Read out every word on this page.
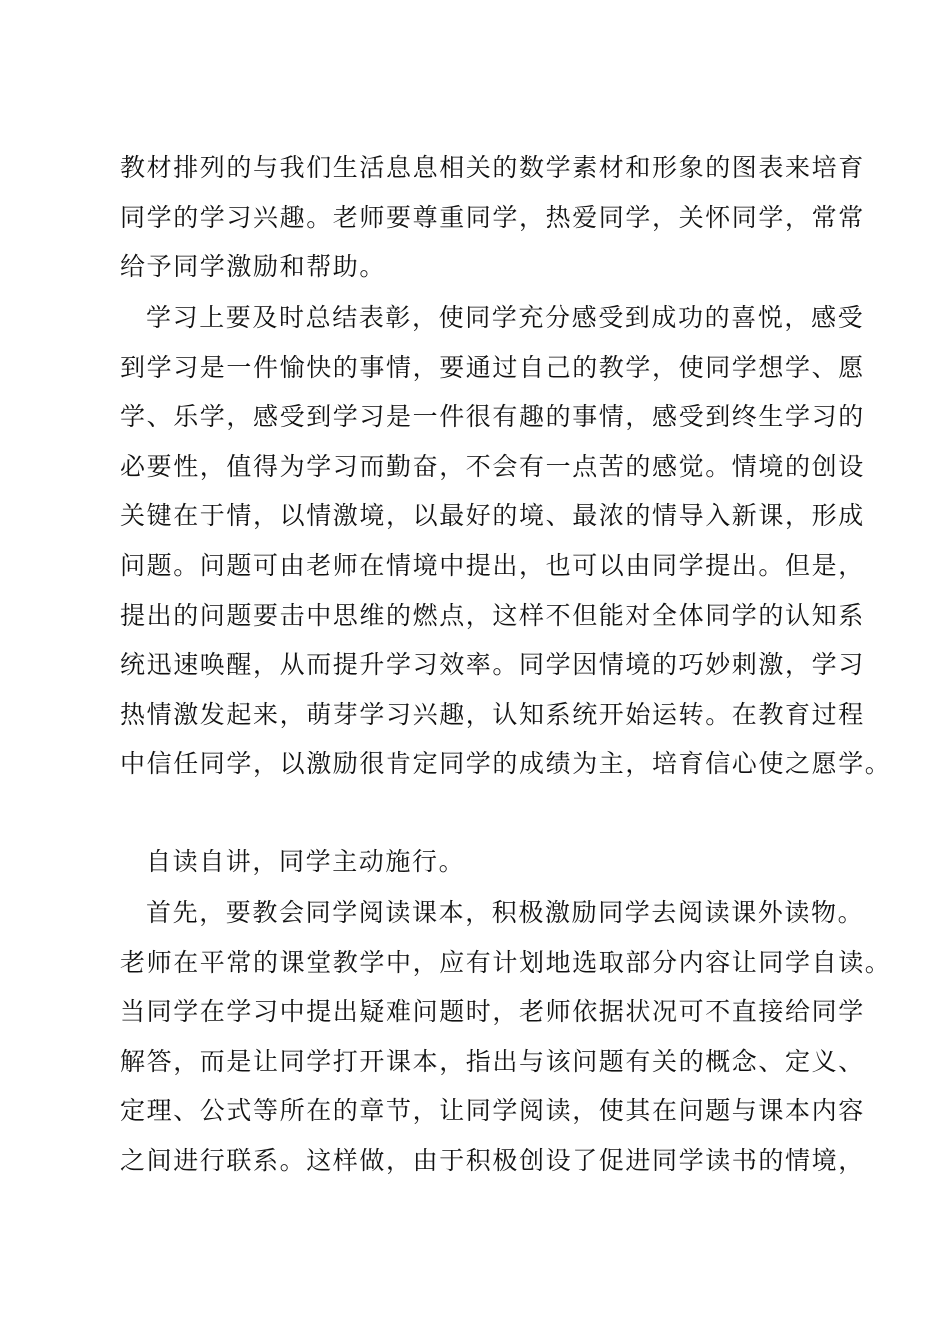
教材排列的与我们生活息息相关的数学素材和形象的图表来培育
同学的学习兴趣。老师要尊重同学，热爱同学，关怀同学，常常
给予同学激励和帮助。
学习上要及时总结表彰，使同学充分感受到成功的喜悦，感受
到学习是一件愉快的事情，要通过自己的教学，使同学想学、愿
学、乐学，感受到学习是一件很有趣的事情，感受到终生学习的
必要性，值得为学习而勤奋，不会有一点苦的感觉。情境的创设
关键在于情，以情激境，以最好的境、最浓的情导入新课，形成
问题。问题可由老师在情境中提出，也可以由同学提出。但是，
提出的问题要击中思维的燃点，这样不但能对全体同学的认知系
统迅速唤醒，从而提升学习效率。同学因情境的巧妙刺激，学习
热情激发起来，萌芽学习兴趣，认知系统开始运转。在教育过程
中信任同学，以激励很肯定同学的成绩为主，培育信心使之愿学。
自读自讲，同学主动施行。
首先，要教会同学阅读课本，积极激励同学去阅读课外读物。
老师在平常的课堂教学中，应有计划地选取部分内容让同学自读。
当同学在学习中提出疑难问题时，老师依据状况可不直接给同学
解答，而是让同学打开课本，指出与该问题有关的概念、定义、
定理、公式等所在的章节，让同学阅读，使其在问题与课本内容
之间进行联系。这样做，由于积极创设了促进同学读书的情境，
